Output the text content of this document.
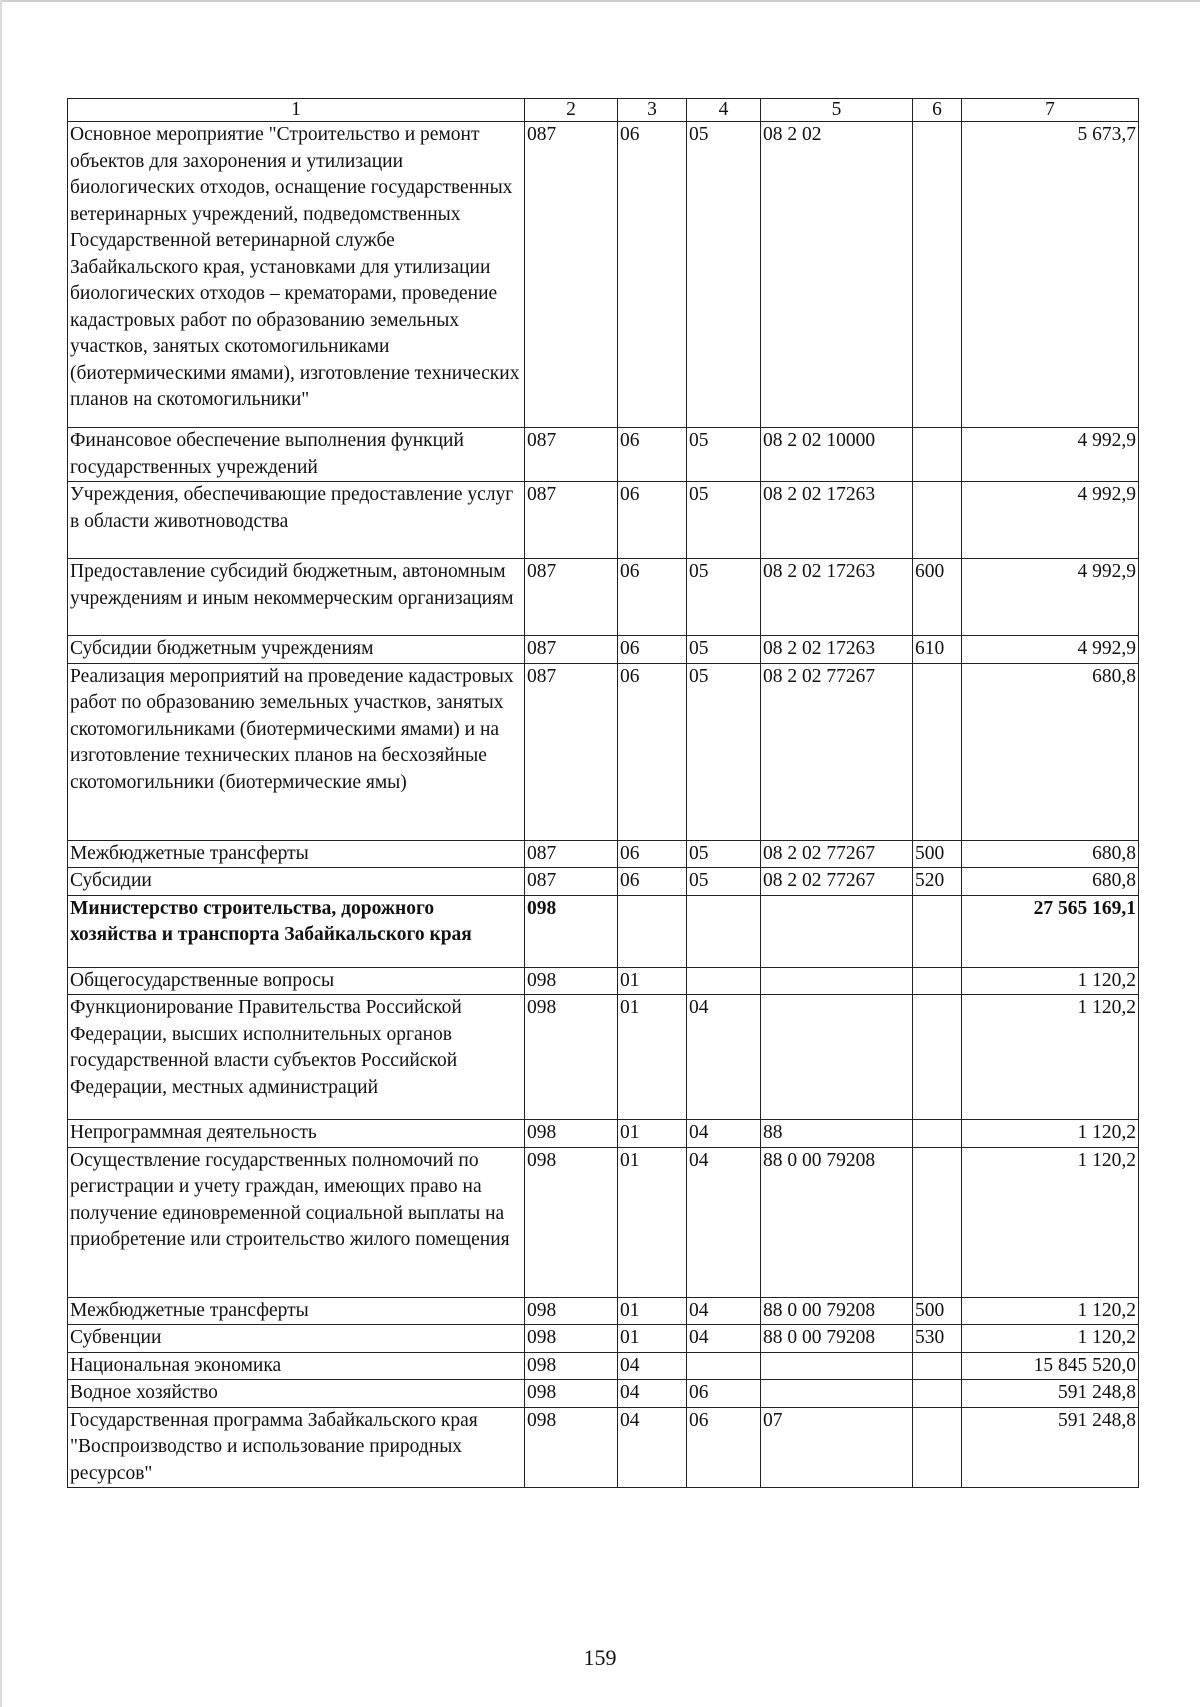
1	2	3	4	5	6	7
Основное мероприятие "Строительство и ремонт объектов для захоронения и утилизации биологических отходов, оснащение государственных ветеринарных учреждений, подведомственных Государственной ветеринарной службе Забайкальского края, установками для утилизации биологических отходов – крематорами, проведение кадастровых работ по образованию земельных участков, занятых скотомогильниками (биотермическими ямами), изготовление технических планов на скотомогильники"	087	06	05	08 2 02		5 673,7
Финансовое обеспечение выполнения функций государственных учреждений	087	06	05	08 2 02 10000		4 992,9
Учреждения, обеспечивающие предоставление услуг в области животноводства	087	06	05	08 2 02 17263		4 992,9
Предоставление субсидий бюджетным, автономным учреждениям и иным некоммерческим организациям	087	06	05	08 2 02 17263	600	4 992,9
Субсидии бюджетным учреждениям	087	06	05	08 2 02 17263	610	4 992,9
Реализация мероприятий на проведение кадастровых работ по образованию земельных участков, занятых скотомогильниками (биотермическими ямами) и на изготовление технических планов на бесхозяйные скотомогильники (биотермические ямы)	087	06	05	08 2 02 77267		680,8
Межбюджетные трансферты	087	06	05	08 2 02 77267	500	680,8
Субсидии	087	06	05	08 2 02 77267	520	680,8
Министерство строительства, дорожного хозяйства и транспорта Забайкальского края	098					27 565 169,1
Общегосударственные вопросы	098	01				1 120,2
Функционирование Правительства Российской Федерации, высших исполнительных органов государственной власти субъектов Российской Федерации, местных администраций	098	01	04			1 120,2
Непрограммная деятельность	098	01	04	88		1 120,2
Осуществление государственных полномочий по регистрации и учету граждан, имеющих право на получение единовременной социальной выплаты на приобретение или строительство жилого помещения	098	01	04	88 0 00 79208		1 120,2
Межбюджетные трансферты	098	01	04	88 0 00 79208	500	1 120,2
Субвенции	098	01	04	88 0 00 79208	530	1 120,2
Национальная экономика	098	04				15 845 520,0
Водное хозяйство	098	04	06			591 248,8
Государственная программа Забайкальского края "Воспроизводство и использование природных ресурсов"	098	04	06	07		591 248,8
159
